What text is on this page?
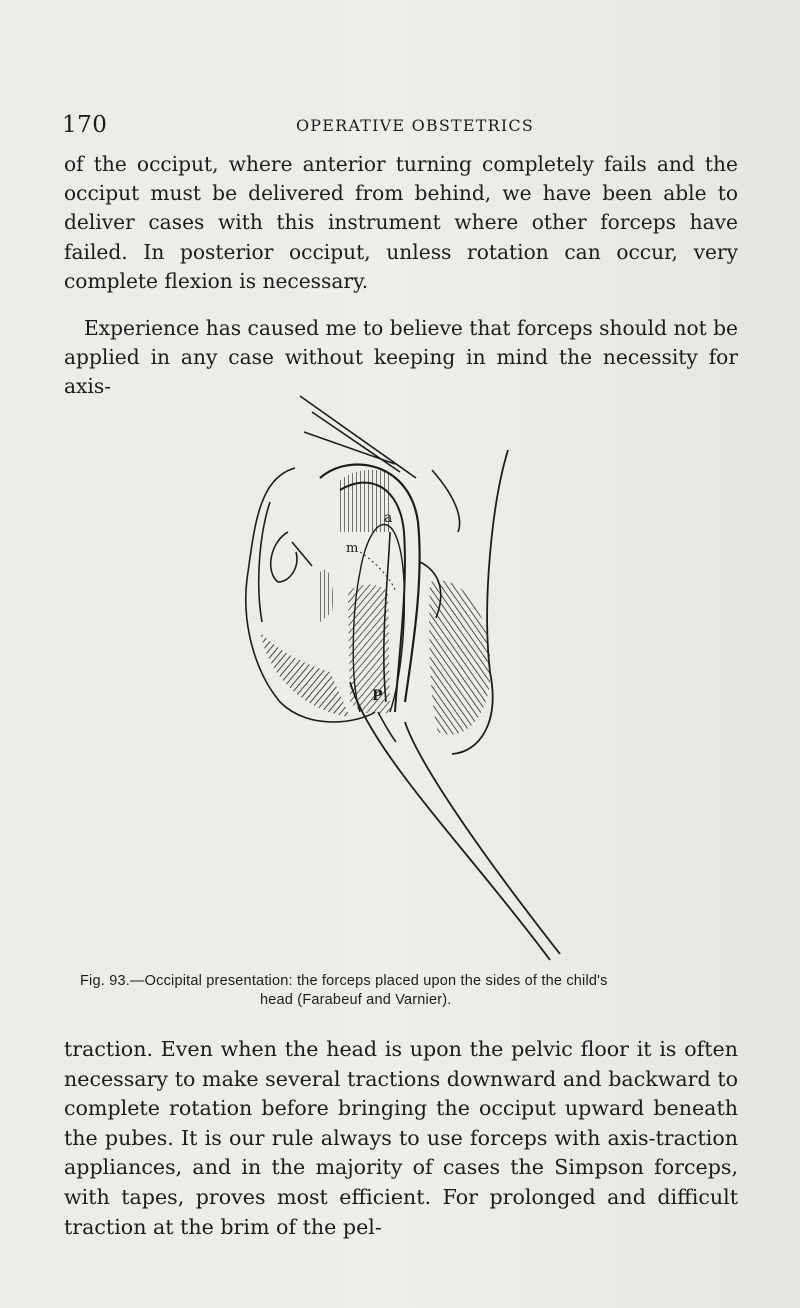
170	OPERATIVE OBSTETRICS

of the occiput, where anterior turning completely fails and the occiput must be delivered from behind, we have been able to deliver cases with this instrument where other forceps have failed. In posterior occiput, unless rotation can occur, very complete flexion is necessary.

Experience has caused me to believe that forceps should not be applied in any case without keeping in mind the necessity for axis-

a
m
P
Fig. 93.—Occipital presentation: the forceps placed upon the sides of the child's
head (Farabeuf and Varnier).

traction. Even when the head is upon the pelvic floor it is often necessary to make several tractions downward and backward to complete rotation before bringing the occiput upward beneath the pubes. It is our rule always to use forceps with axis-traction appliances, and in the majority of cases the Simpson forceps, with tapes, proves most efficient. For prolonged and difficult traction at the brim of the pel-
